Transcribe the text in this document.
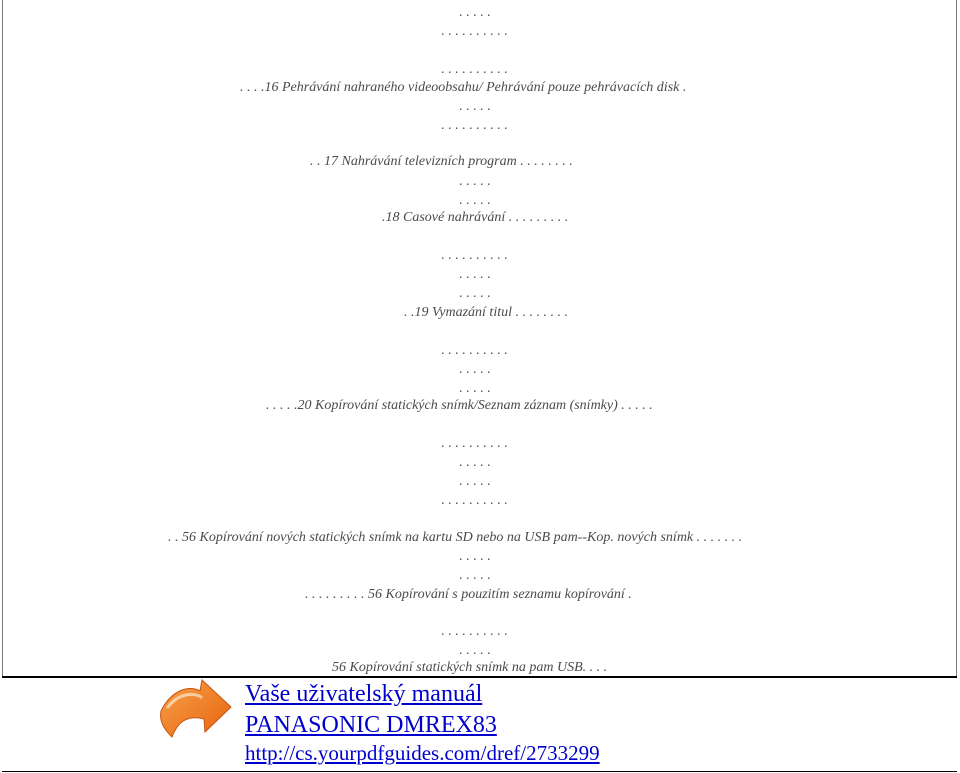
. . . . .
. . . . . . . . . .
. . . . . . . . . .
. . . .16 Pehrávání nahraného videoobsahu/ Pehrávání pouze pehrávacích disk .
. . . . .
. . . . . . . . . .
. . 17 Nahrávání televizních program . . . . . . . .
. . . . .
. . . . .
.18 Casové nahrávání . . . . . . . . .
. . . . . . . . . .
. . . . .
. . . . .
. .19 Vymazání titul . . . . . . . .
. . . . . . . . . .
. . . . .
. . . . .
. . . . .20 Kopírování statických snímk/Seznam záznam (snímky) . . . . .
. . . . . . . . . .
. . . . .
. . . . .
. . . . . . . . . .
. . 56 Kopírování nových statických snímk na kartu SD nebo na USB pam--Kop. nových snímk . . . . . . .
. . . . .
. . . . .
. . . . . . . . . 56 Kopírování s pouzitím seznamu kopírování .
. . . . . . . . . .
. . . . .
56 Kopírování statických snímk na pam USB. . . .
Vaše uživatelský manuál
PANASONIC DMREX83
http://cs.yourpdfguides.com/dref/2733299
